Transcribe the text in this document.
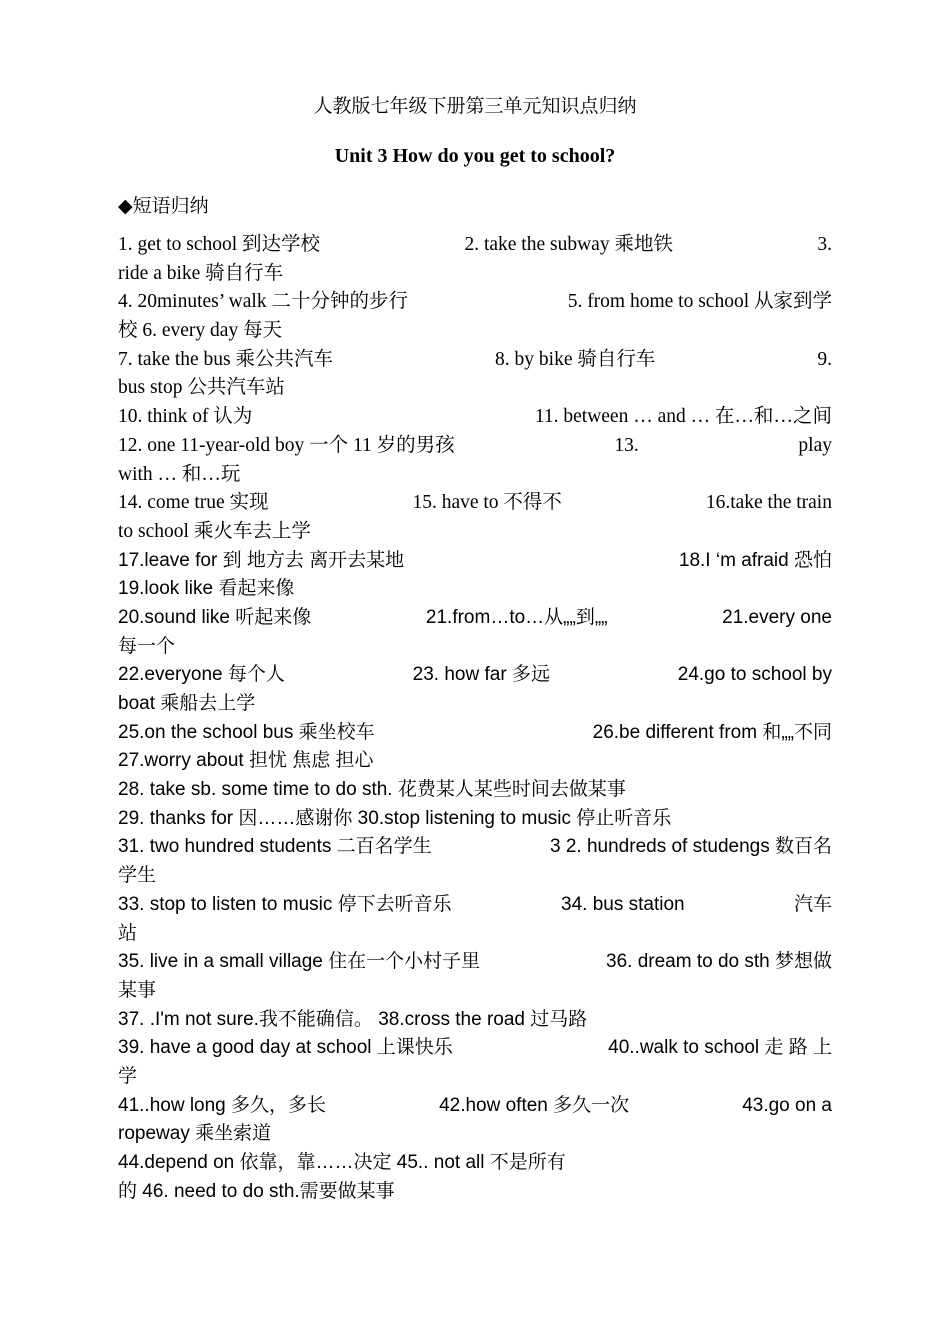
人教版七年级下册第三单元知识点归纳
Unit 3 How do you get to school?
◆短语归纳
1. get to school 到达学校	2. take the subway 乘地铁	3.
ride a bike 骑自行车
4. 20minutes’ walk 二十分钟的步行	5. from home to school 从家到学
校 6. every day 每天
7. take the bus 乘公共汽车	8. by bike 骑自行车	9.
bus stop 公共汽车站
10. think of 认为	11. between … and … 在…和…之间
12. one 11-year-old boy 一个 11 岁的男孩	13.	play
with … 和…玩
14. come true 实现	15. have to 不得不	16.take the train
to school 乘火车去上学
17.leave for 到 地方去 离开去某地	18.I ‘m afraid 恐怕
19.look like 看起来像
20.sound like 听起来像	21.from…to…从„„到„„	21.every one
每一个
22.everyone 每个人	23. how far 多远	24.go to school by
boat 乘船去上学
25.on the school bus 乘坐校车	26.be different from 和„„不同
27.worry about 担忧 焦虑 担心
28. take sb. some time to do sth. 花费某人某些时间去做某事
29. thanks for 因……感谢你 30.stop listening to music 停止听音乐
31. two hundred students 二百名学生	3 2. hundreds of studengs 数百名
学生
33. stop to listen to music 停下去听音乐	34. bus station	汽车
站
35. live in a small village 住在一个小村子里	36. dream to do sth 梦想做
某事
37. .I'm not sure.我不能确信。 38.cross the road 过马路
39. have a good day at school 上课快乐	40..walk to school 走 路 上
学
41..how long 多久，多长	42.how often 多久一次	43.go on a
ropeway 乘坐索道
44.depend on 依靠，靠……决定 45.. not all 不是所有
的 46. need to do sth.需要做某事
